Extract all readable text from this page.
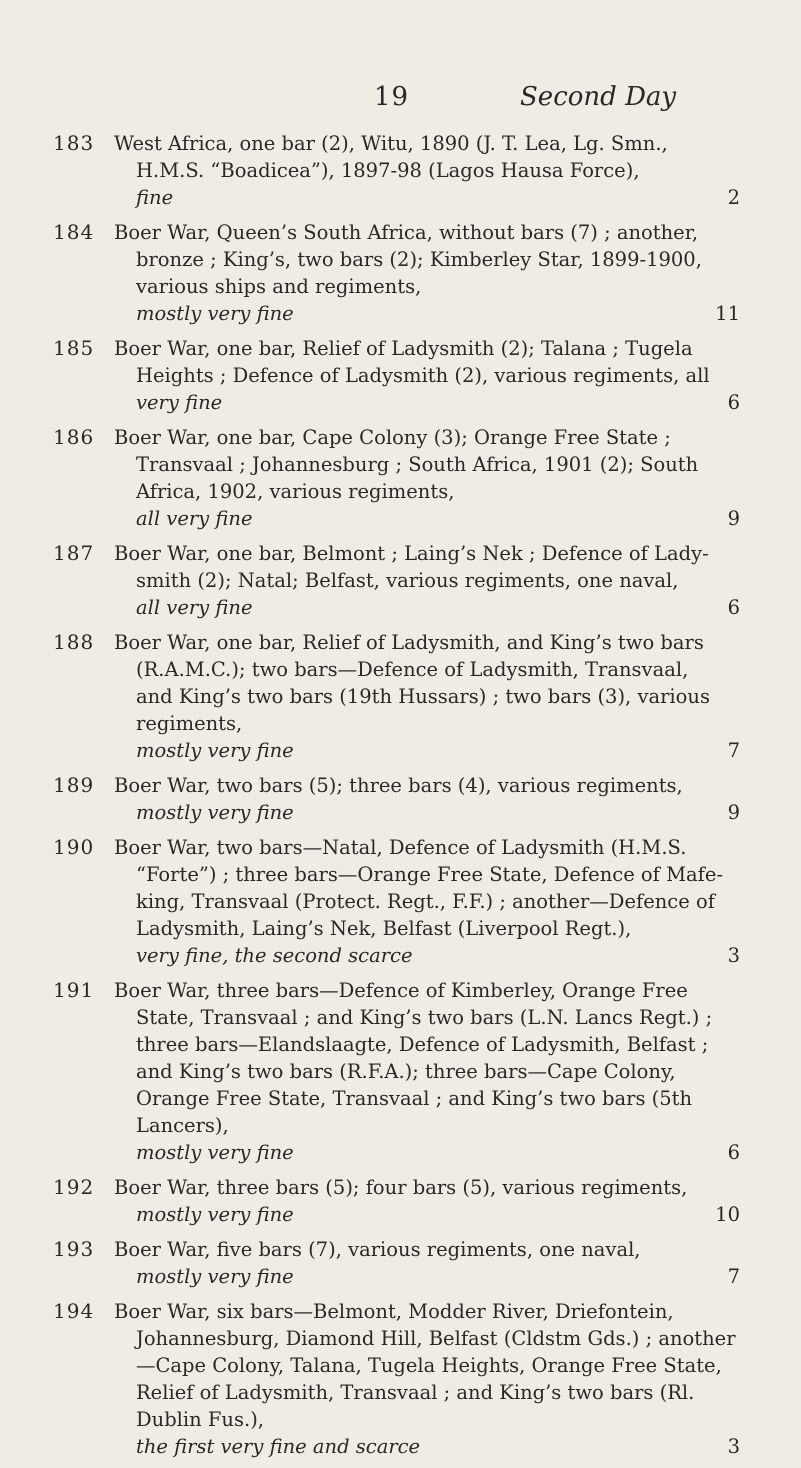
19	Second Day
183	West Africa, one bar (2), Witu, 1890 (J. T. Lea, Lg. Smn.,
H.M.S. “Boadicea”), 1897-98 (Lagos Hausa Force),
fine	2
184	Boer War, Queen’s South Africa, without bars (7) ; another,
bronze ; King’s, two bars (2); Kimberley Star, 1899-1900,
various ships and regiments,
mostly very fine	11
185	Boer War, one bar, Relief of Ladysmith (2); Talana ; Tugela
Heights ; Defence of Ladysmith (2), various regiments, all
very fine	6
186	Boer War, one bar, Cape Colony (3); Orange Free State ;
Transvaal ; Johannesburg ; South Africa, 1901 (2); South
Africa, 1902, various regiments,
all very fine	9
187	Boer War, one bar, Belmont ; Laing’s Nek ; Defence of Lady-
smith (2); Natal; Belfast, various regiments, one naval,
all very fine	6
188	Boer War, one bar, Relief of Ladysmith, and King’s two bars
(R.A.M.C.); two bars—Defence of Ladysmith, Transvaal,
and King’s two bars (19th Hussars) ; two bars (3), various
regiments,
mostly very fine	7
189	Boer War, two bars (5); three bars (4), various regiments,
mostly very fine	9
190	Boer War, two bars—Natal, Defence of Ladysmith (H.M.S.
“Forte”) ; three bars—Orange Free State, Defence of Mafe-
king, Transvaal (Protect. Regt., F.F.) ; another—Defence of
Ladysmith, Laing’s Nek, Belfast (Liverpool Regt.),
very fine, the second scarce	3
191	Boer War, three bars—Defence of Kimberley, Orange Free
State, Transvaal ; and King’s two bars (L.N. Lancs Regt.) ;
three bars—Elandslaagte, Defence of Ladysmith, Belfast ;
and King’s two bars (R.F.A.); three bars—Cape Colony,
Orange Free State, Transvaal ; and King’s two bars (5th
Lancers),
mostly very fine	6
192	Boer War, three bars (5); four bars (5), various regiments,
mostly very fine	10
193	Boer War, five bars (7), various regiments, one naval,
mostly very fine	7
194	Boer War, six bars—Belmont, Modder River, Driefontein,
Johannesburg, Diamond Hill, Belfast (Cldstm Gds.) ; another
—Cape Colony, Talana, Tugela Heights, Orange Free State,
Relief of Ladysmith, Transvaal ; and King’s two bars (Rl.
Dublin Fus.),
the first very fine and scarce	3
